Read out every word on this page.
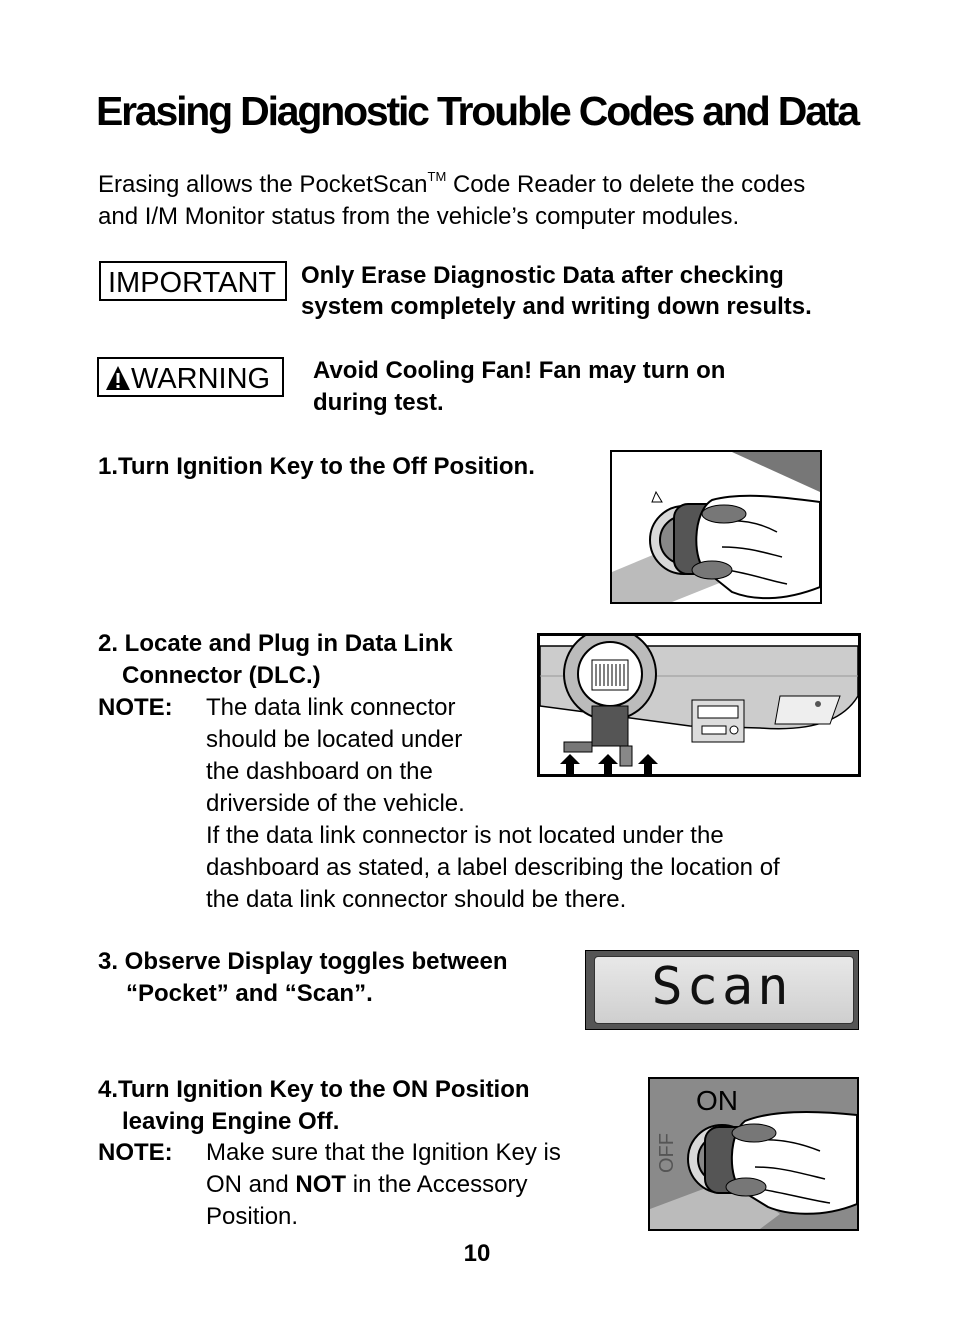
Erasing Diagnostic Trouble Codes and Data
Erasing allows the PocketScan™ Code Reader to delete the codes
and I/M Monitor status from the vehicle’s computer modules.
IMPORTANT	Only Erase Diagnostic Data after checking
system completely and writing down results.
WARNING	Avoid Cooling Fan! Fan may turn on
during test.
1.Turn Ignition Key to the Off Position.
2. Locate and Plug in Data Link
Connector (DLC.)
NOTE: The data link connector
should be located under
the dashboard on the
driverside of the vehicle.
If the data link connector is not located under the
dashboard as stated, a label describing the location of
the data link connector should be there.
3. Observe Display toggles between
“Pocket” and “Scan”.	Scan
4.Turn Ignition Key to the ON Position
leaving Engine Off.
NOTE: Make sure that the Ignition Key is
ON and NOT in the Accessory
Position.
ON
OFF
10
